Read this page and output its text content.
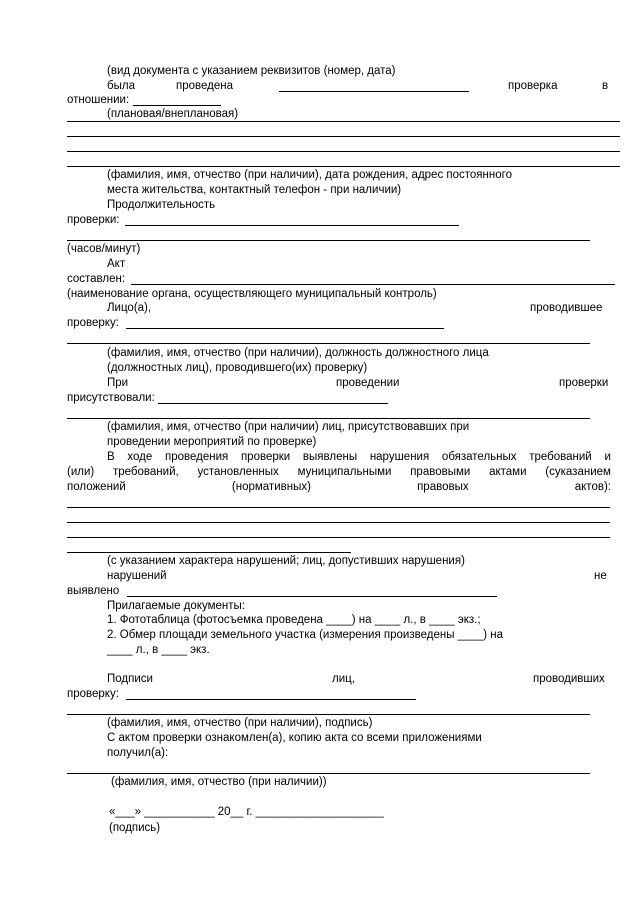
(вид документа с указанием реквизитов (номер, дата)
была	проведена	проверка	в
отношении:
(плановая/внеплановая)
(фамилия, имя, отчество (при наличии), дата рождения, адрес постоянного
места жительства, контактный телефон - при наличии)
Продолжительность
проверки:
(часов/минут)
Акт
составлен:
(наименование органа, осуществляющего муниципальный контроль)
Лицо(а),	проводившее
проверку:
(фамилия, имя, отчество (при наличии), должность должностного лица
(должностных лиц), проводившего(их) проверку)
При	проведении	проверки
присутствовали:
(фамилия, имя, отчество (при наличии) лиц, присутствовавших при
проведении мероприятий по проверке)
В ходе проведения проверки выявлены нарушения обязательных требований и
(или) требований, установленных муниципальными правовыми актами (суказанием
положений	(нормативных)	правовых	актов):
(с указанием характера нарушений; лиц, допустивших нарушения)
нарушений	не
выявлено
Прилагаемые документы:
1. Фототаблица (фотосъемка проведена ____) на ____ л., в ____ экз.;
2. Обмер площади земельного участка (измерения произведены ____) на
____ л., в ____ экз.
Подписи	лиц,	проводивших
проверку:
(фамилия, имя, отчество (при наличии), подпись)
С актом проверки ознакомлен(а), копию акта со всеми приложениями
получил(а):
(фамилия, имя, отчество (при наличии))
«___» ___________ 20__ г. ____________________
(подпись)
